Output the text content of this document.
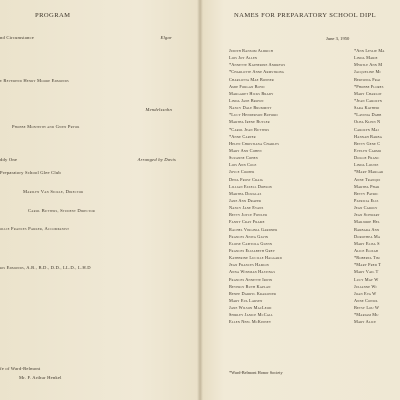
PROGRAM
nd Circumstance	Elgar
e Reverend Henry Moore Edmonds
Mendelssohn
Phoebe Monteith and Gwen Pryor
ddy One	Arranged by Davis
Preparatory School Glee Club
Marilyn Van Sickle, Director
Carol Butters, Student Director
ollie Frances Parker, Accompanist
ris Edmonds, A.B., B.D., D.D., LL.D., L.H.D
fe of Ward-Belmont
Mr. F. Arthur Henkel
NAMES FOR PREPARATORY SCHOOL DIPL
June 3, 1950
Judith Ransom Aldrich
Lois Joy Allen
*Annette Katherine Andrews
*Charlotte Anne Armstrong
Charlotta Mae Bonner
Amie Forgan Boyd
Margaret Hicks Brady
Linda Jane Brown
Nancy Dale Brummitt
*Lucy Henderson Buford
Martha Irene Butler
*Carol Jean Butters
*Anne Carter
Helen Christiana Charles
Mary Ann Cohen
Suzanne Cohen
Lois Ann Cole
Joyce Cooper
Dena Frost Craig
Lillian Ezzell Dobson
Martha Douglas
Jane Ann Draper
Nancy Jane Evans
Betty Joyce Fowler
Fanny Cray Frame
Rachel Virginia Gardner
Frances Anita Gavin
Eloise Capitola Glenn
Frances Elizabeth Grey
Katherine Lucille Haggard
Jean Frances Hamlin
Anna Wiseman Hastings
Frances Annette Irwin
Beverly Ruth Kaplan
Renee Darryl Krakower
Mary Eva Larsen
Jane Wilson MacLeod
Shirley Janice McCall
Ellen Neel McKinney
*Ann Leslie Ma
Linda Marie
Myrtle Ann M
Jacqueline Mi
Bertonia Frai
*Phoebe Flores
Mary Charlot
*Jean Carolyn
Sara Katheri
*Lavinia Dabb
Olha Klein N
Carolyn Mai
Hannah Barba
Betty Gene C
Evelyn Carmo
Dollie Franc
Linda Louise
*Mary Margar
Anne Tranqui
Martha Phar
Betty Patric
Patricia Eliz
Jean Caroly
Jean Schwart
Marjorie Hel
Barbara Ann
Dorothea Ma
Mary Elisa S
Alice Elizab
*Roberta Tim
*Mary Fred T
Mary Vail T
Lucy May W
Julianne Wi
Joan Eva W
Anne Conwa
Betsy Lou W
*Mariam Mu
Mary Alice
*Ward-Belmont Honor Society
